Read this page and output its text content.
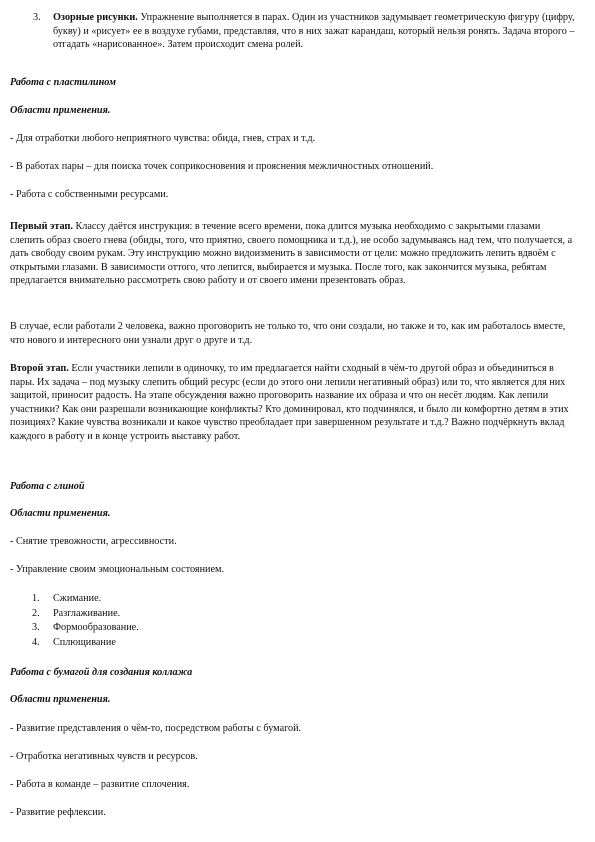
3. Озорные рисунки. Упражнение выполняется в парах. Один из участников задумывает геометрическую фигуру (цифру, букву) и «рисует» ее в воздухе губами, представляя, что в них зажат карандаш, который нельзя ронять. Задача второго – отгадать «нарисованное». Затем происходит смена ролей.
Работа с пластилином
Области применения.
- Для отработки любого неприятного чувства: обида, гнев, страх и т.д.
- В работах пары – для поиска точек соприкосновения и прояснения межличностных отношений.
- Работа с собственными ресурсами.
Первый этап. Классу даётся инструкция: в течение всего времени, пока длится музыка необходимо с закрытыми глазами слепить образ своего гнева (обиды, того, что приятно, своего помощника и т.д.), не особо задумываясь над тем, что получается, а дать свободу своим рукам. Эту инструкцию можно видоизменить в зависимости от цели: можно предложить лепить вдвоём с открытыми глазами. В зависимости оттого, что лепится, выбирается и музыка. После того, как закончится музыка, ребятам предлагается внимательно рассмотреть свою работу и от своего имени презентовать образ.
В случае, если работали 2 человека, важно проговорить не только то, что они создали, но также и то, как им работалось вместе, что нового и интересного они узнали друг о друге и т.д.
Второй этап. Если участники лепили в одиночку, то им предлагается найти сходный в чём-то другой образ и объединиться в пары. Их задача – под музыку слепить общий ресурс (если до этого они лепили негативный образ) или то, что является для них защитой, приносит радость. На этапе обсуждения важно проговорить название их образа и что он несёт людям. Как лепили участники? Как они разрешали возникающие конфликты? Кто доминировал, кто подчинялся, и было ли комфортно детям в этих позициях? Какие чувства возникали и какое чувство преобладает при завершенном результате и т.д.? Важно подчёркнуть вклад каждого в работу и в конце устроить выставку работ.
Работа с глиной
Области применения.
- Снятие тревожности, агрессивности.
- Управление своим эмоциональным состоянием.
1. Сжимание.
2. Разглаживание.
3. Формообразование.
4. Сплющивание
Работа с бумагой для создания коллажа
Области применения.
- Развитие представления о чём-то, посредством работы с бумагой.
- Отработка негативных чувств и ресурсов.
- Работа в команде – развитие сплочения.
- Развитие рефлексии.
